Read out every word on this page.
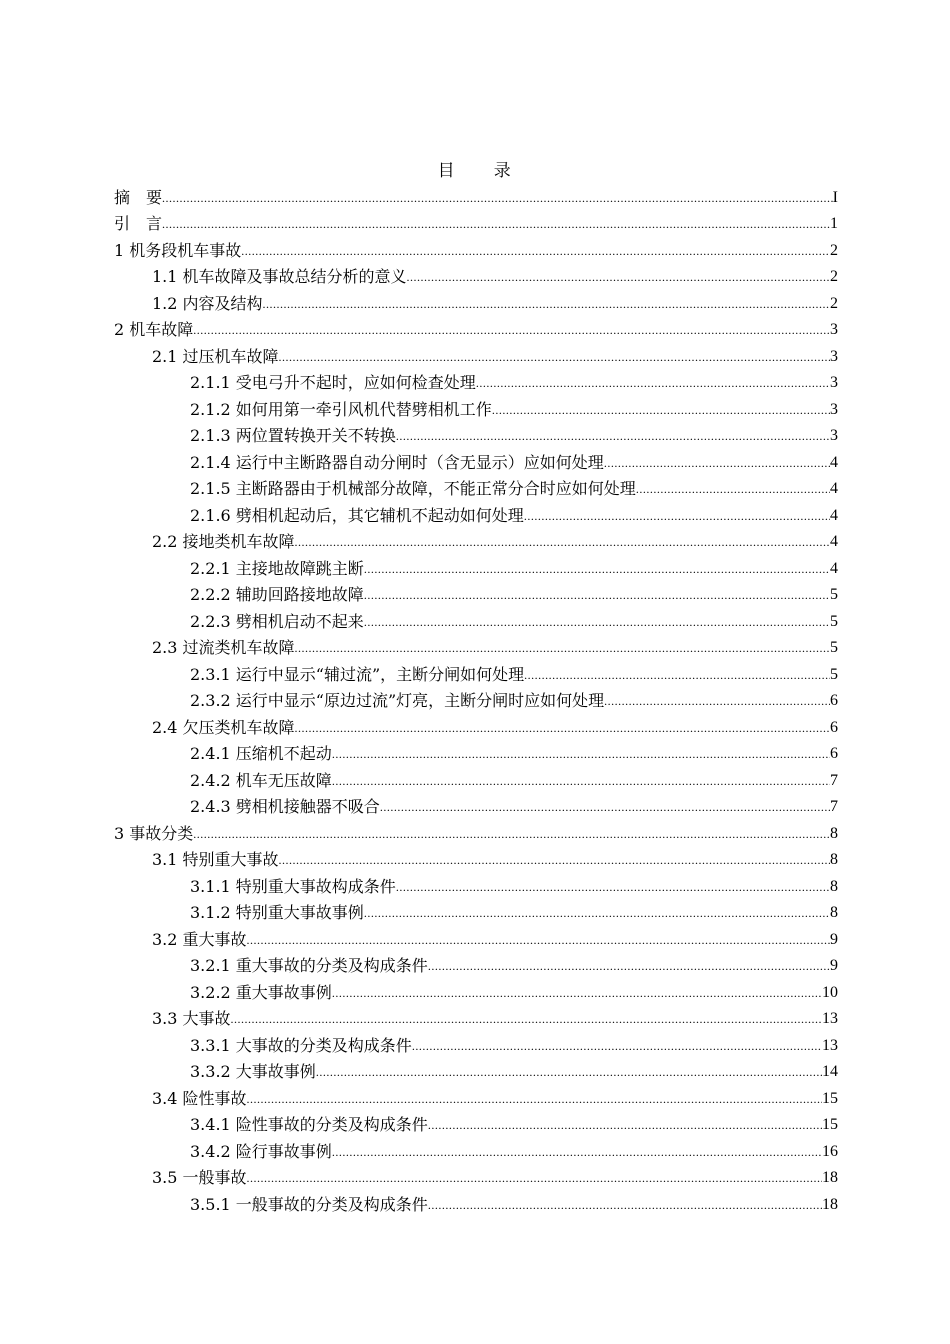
目　　录
摘　要 .....	I
引　言 .....	1
1 机务段机车事故 .....	2
1.1 机车故障及事故总结分析的意义 .....	2
1.2 内容及结构 .....	2
2 机车故障 .....	3
2.1 过压机车故障 .....	3
2.1.1 受电弓升不起时，应如何检查处理 .....	3
2.1.2 如何用第一牵引风机代替劈相机工作 .....	3
2.1.3 两位置转换开关不转换 .....	3
2.1.4 运行中主断路器自动分闸时（含无显示）应如何处理 .....	4
2.1.5 主断路器由于机械部分故障，不能正常分合时应如何处理 .....	4
2.1.6 劈相机起动后，其它辅机不起动如何处理 .....	4
2.2 接地类机车故障 .....	4
2.2.1 主接地故障跳主断 .....	4
2.2.2 辅助回路接地故障 .....	5
2.2.3 劈相机启动不起来 .....	5
2.3 过流类机车故障 .....	5
2.3.1 运行中显示“辅过流”，主断分闸如何处理 .....	5
2.3.2 运行中显示“原边过流”灯亮，主断分闸时应如何处理 .....	6
2.4 欠压类机车故障 .....	6
2.4.1 压缩机不起动 .....	6
2.4.2 机车无压故障 .....	7
2.4.3 劈相机接触器不吸合 .....	7
3 事故分类 .....	8
3.1 特别重大事故 .....	8
3.1.1 特别重大事故构成条件 .....	8
3.1.2 特别重大事故事例 .....	8
3.2 重大事故 .....	9
3.2.1 重大事故的分类及构成条件 .....	9
3.2.2 重大事故事例 .....	10
3.3 大事故 .....	13
3.3.1 大事故的分类及构成条件 .....	13
3.3.2 大事故事例 .....	14
3.4 险性事故 .....	15
3.4.1 险性事故的分类及构成条件 .....	15
3.4.2 险行事故事例 .....	16
3.5 一般事故 .....	18
3.5.1 一般事故的分类及构成条件 .....	18
